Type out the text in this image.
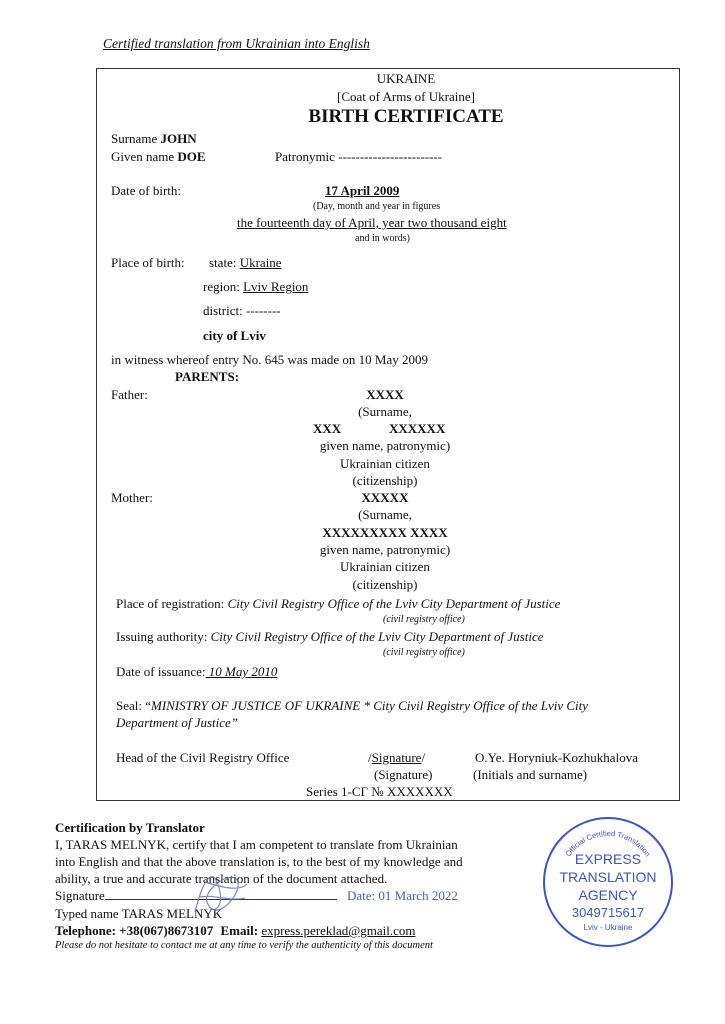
Certified translation from Ukrainian into English
UKRAINE
[Coat of Arms of Ukraine]
BIRTH CERTIFICATE
Surname JOHN
Given name DOE	Patronymic ------------------------
Date of birth:	17 April 2009
(Day, month and year in figures
the fourteenth day of April, year two thousand eight
and in words)
Place of birth: state: Ukraine
region: Lviv Region
district: --------
city of Lviv
in witness whereof entry No. 645 was made on 10 May 2009
PARENTS:
Father:	XXXX
(Surname,
XXX	XXXXXX
given name, patronymic)
Ukrainian citizen
(citizenship)
Mother:	XXXXX
(Surname,
XXXXXXXXX XXXX
given name, patronymic)
Ukrainian citizen
(citizenship)
Place of registration: City Civil Registry Office of the Lviv City Department of Justice
(civil registry office)
Issuing authority: City Civil Registry Office of the Lviv City Department of Justice
(civil registry office)
Date of issuance: 10 May 2010
Seal: “MINISTRY OF JUSTICE OF UKRAINE * City Civil Registry Office of the Lviv City
Department of Justice”
Head of the Civil Registry Office	/Signature/
(Signature)
O.Ye. Horyniuk-Kozhukhalova
(Initials and surname)
Series 1-СГ № XXXXXXX
Certification by Translator
I, TARAS MELNYK, certify that I am competent to translate from Ukrainian
into English and that the above translation is, to the best of my knowledge and
ability, a true and accurate translation of the document attached.
Signature	Date: 01 March 2022
Typed name TARAS MELNYK
Telephone: +38(067)8673107 Email: express.pereklad@gmail.com
Please do not hesitate to contact me at any time to verify the authenticity of this document
Official Certified Translation
EXPRESS
TRANSLATION
AGENCY
3049715617
Lviv - Ukraine
